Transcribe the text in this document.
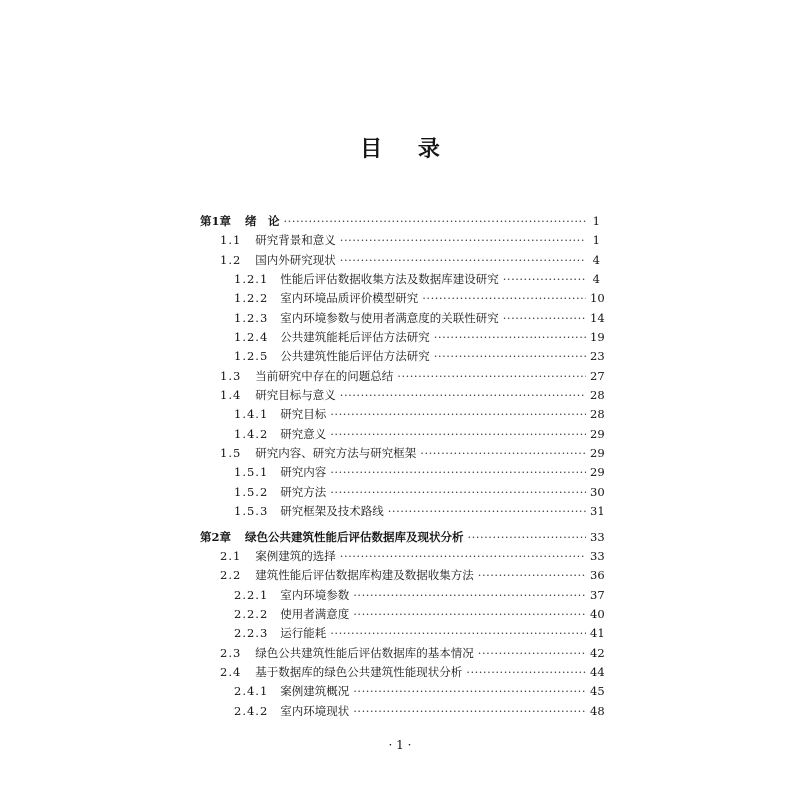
目 录
第1章 绪　论 ·····	1
1.1 研究背景和意义 ·····	1
1.2 国内外研究现状 ·····	4
1.2.1 性能后评估数据收集方法及数据库建设研究 ·····	4
1.2.2 室内环境品质评价模型研究 ·····	10
1.2.3 室内环境参数与使用者满意度的关联性研究 ·····	14
1.2.4 公共建筑能耗后评估方法研究 ·····	19
1.2.5 公共建筑性能后评估方法研究 ·····	23
1.3 当前研究中存在的问题总结 ·····	27
1.4 研究目标与意义 ·····	28
1.4.1 研究目标 ·····	28
1.4.2 研究意义 ·····	29
1.5 研究内容、研究方法与研究框架 ·····	29
1.5.1 研究内容 ·····	29
1.5.2 研究方法 ·····	30
1.5.3 研究框架及技术路线 ·····	31
第2章 绿色公共建筑性能后评估数据库及现状分析 ·····	33
2.1 案例建筑的选择 ·····	33
2.2 建筑性能后评估数据库构建及数据收集方法 ·····	36
2.2.1 室内环境参数 ·····	37
2.2.2 使用者满意度 ·····	40
2.2.3 运行能耗 ·····	41
2.3 绿色公共建筑性能后评估数据库的基本情况 ·····	42
2.4 基于数据库的绿色公共建筑性能现状分析 ·····	44
2.4.1 案例建筑概况 ·····	45
2.4.2 室内环境现状 ·····	48
· 1 ·
